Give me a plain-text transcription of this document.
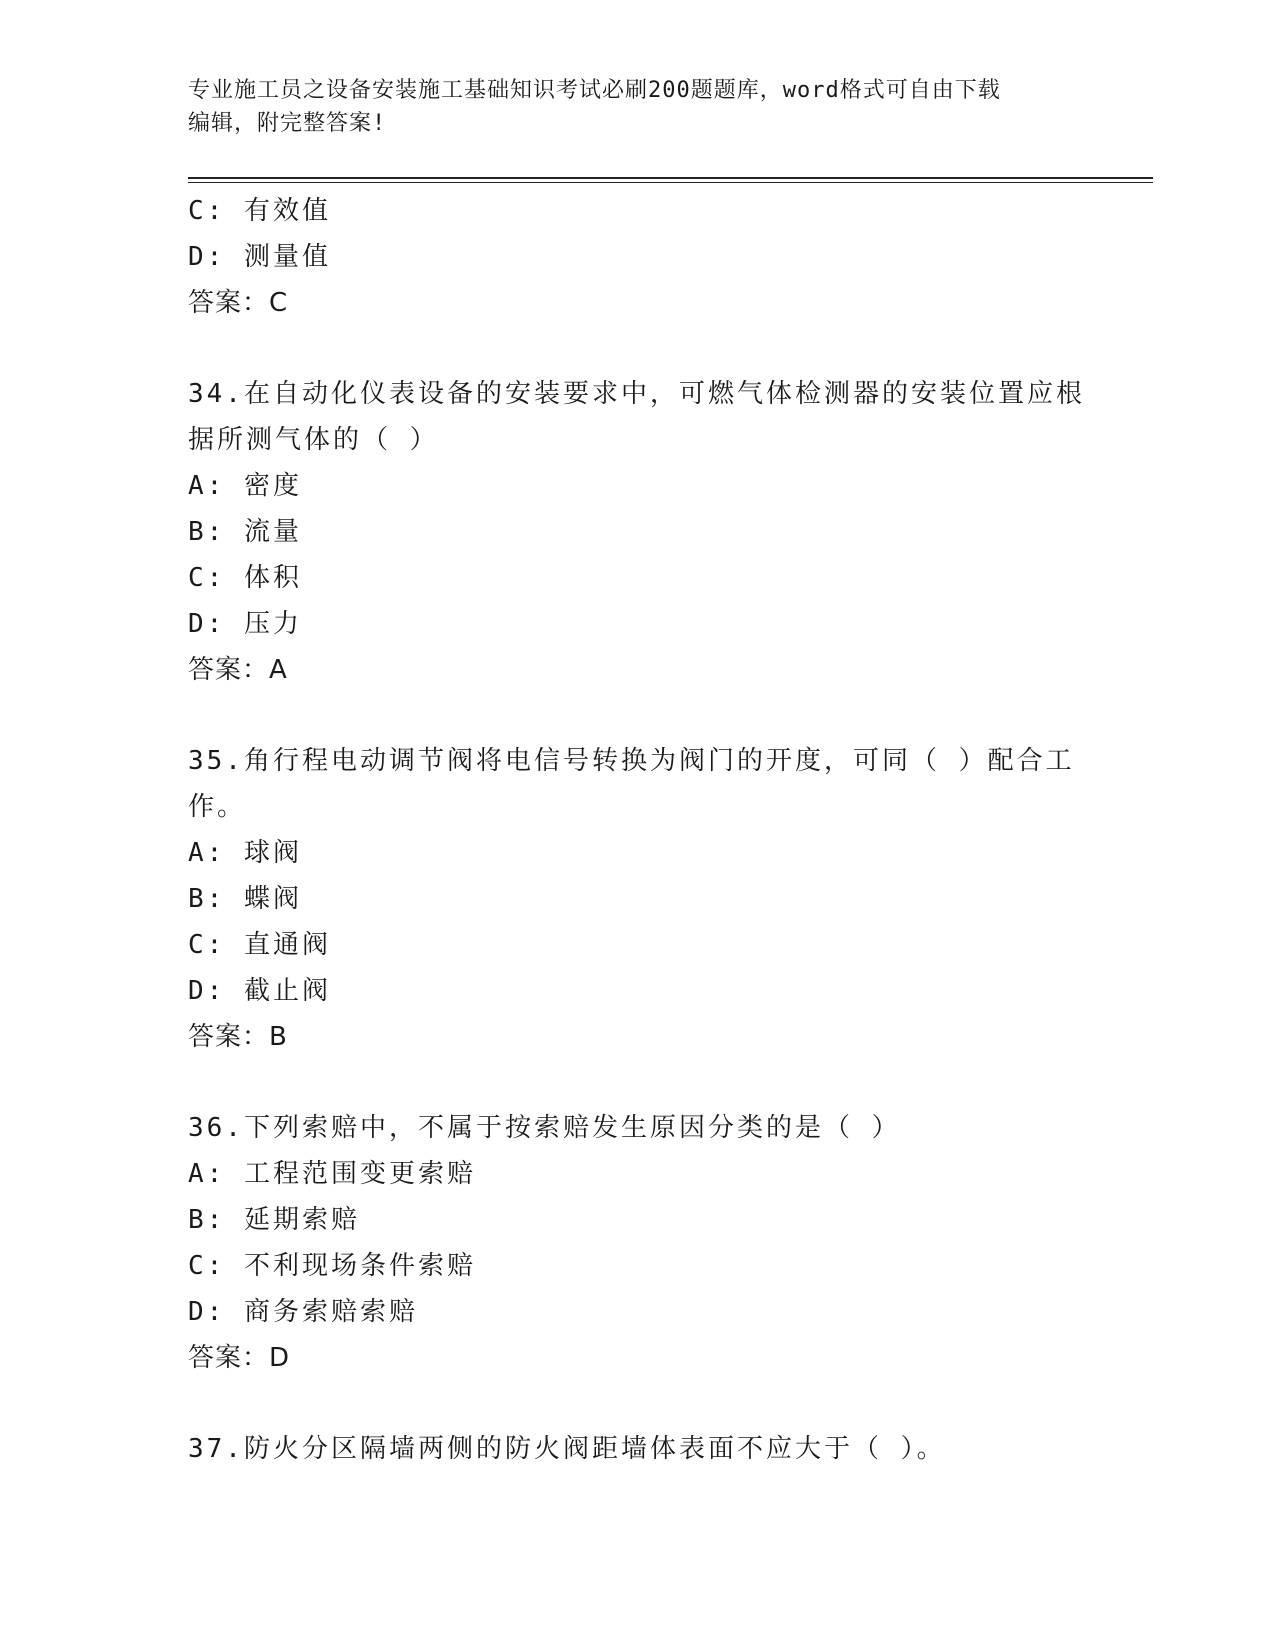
专业施工员之设备安装施工基础知识考试必刷200题题库，word格式可自由下载
编辑，附完整答案!
C: 有效值
D: 测量值
答案：C
34.在自动化仪表设备的安装要求中，可燃气体检测器的安装位置应根
据所测气体的（ ）
A: 密度
B: 流量
C: 体积
D: 压力
答案：A
35.角行程电动调节阀将电信号转换为阀门的开度，可同（ ）配合工
作。
A: 球阀
B: 蝶阀
C: 直通阀
D: 截止阀
答案：B
36.下列索赔中，不属于按索赔发生原因分类的是（ ）
A: 工程范围变更索赔
B: 延期索赔
C: 不利现场条件索赔
D: 商务索赔索赔
答案：D
37.防火分区隔墙两侧的防火阀距墙体表面不应大于（ ）。
